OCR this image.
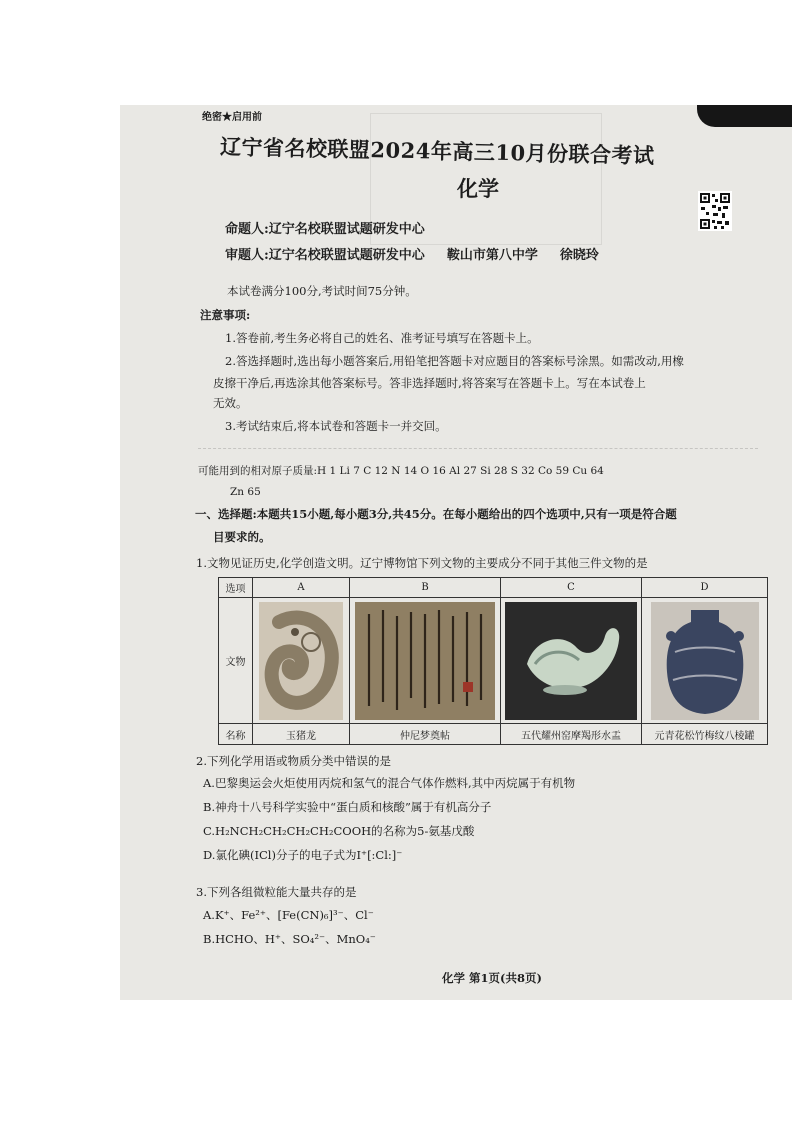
绝密★启用前
辽宁省名校联盟2024年高三10月份联合考试
化学
命题人:辽宁名校联盟试题研发中心
审题人:辽宁名校联盟试题研发中心 鞍山市第八中学 徐晓玲
本试卷满分100分,考试时间75分钟。
注意事项:
1.答卷前,考生务必将自己的姓名、准考证号填写在答题卡上。
2.答选择题时,选出每小题答案后,用铅笔把答题卡对应题目的答案标号涂黑。如需改动,用橡
皮擦干净后,再选涂其他答案标号。答非选择题时,将答案写在答题卡上。写在本试卷上
无效。
3.考试结束后,将本试卷和答题卡一并交回。
可能用到的相对原子质量:H 1 Li 7 C 12 N 14 O 16 Al 27 Si 28 S 32 Co 59 Cu 64
Zn 65
一、选择题:本题共15小题,每小题3分,共45分。在每小题给出的四个选项中,只有一项是符合题
目要求的。
1.文物见证历史,化学创造文明。辽宁博物馆下列文物的主要成分不同于其他三件文物的是
选项	A	B	C	D
文物	

名称	玉猪龙	仲尼梦奠帖	五代耀州窑摩羯形水盂	元青花松竹梅纹八棱罐
2.下列化学用语或物质分类中错误的是
A.巴黎奥运会火炬使用丙烷和氢气的混合气体作燃料,其中丙烷属于有机物
B.神舟十八号科学实验中“蛋白质和核酸”属于有机高分子
C.H₂NCH₂CH₂CH₂CH₂COOH的名称为5-氨基戊酸
D.氯化碘(ICl)分子的电子式为I⁺[:Cl:]⁻
3.下列各组微粒能大量共存的是
A.K⁺、Fe²⁺、[Fe(CN)₆]³⁻、Cl⁻
B.HCHO、H⁺、SO₄²⁻、MnO₄⁻
化学 第1页(共8页)
